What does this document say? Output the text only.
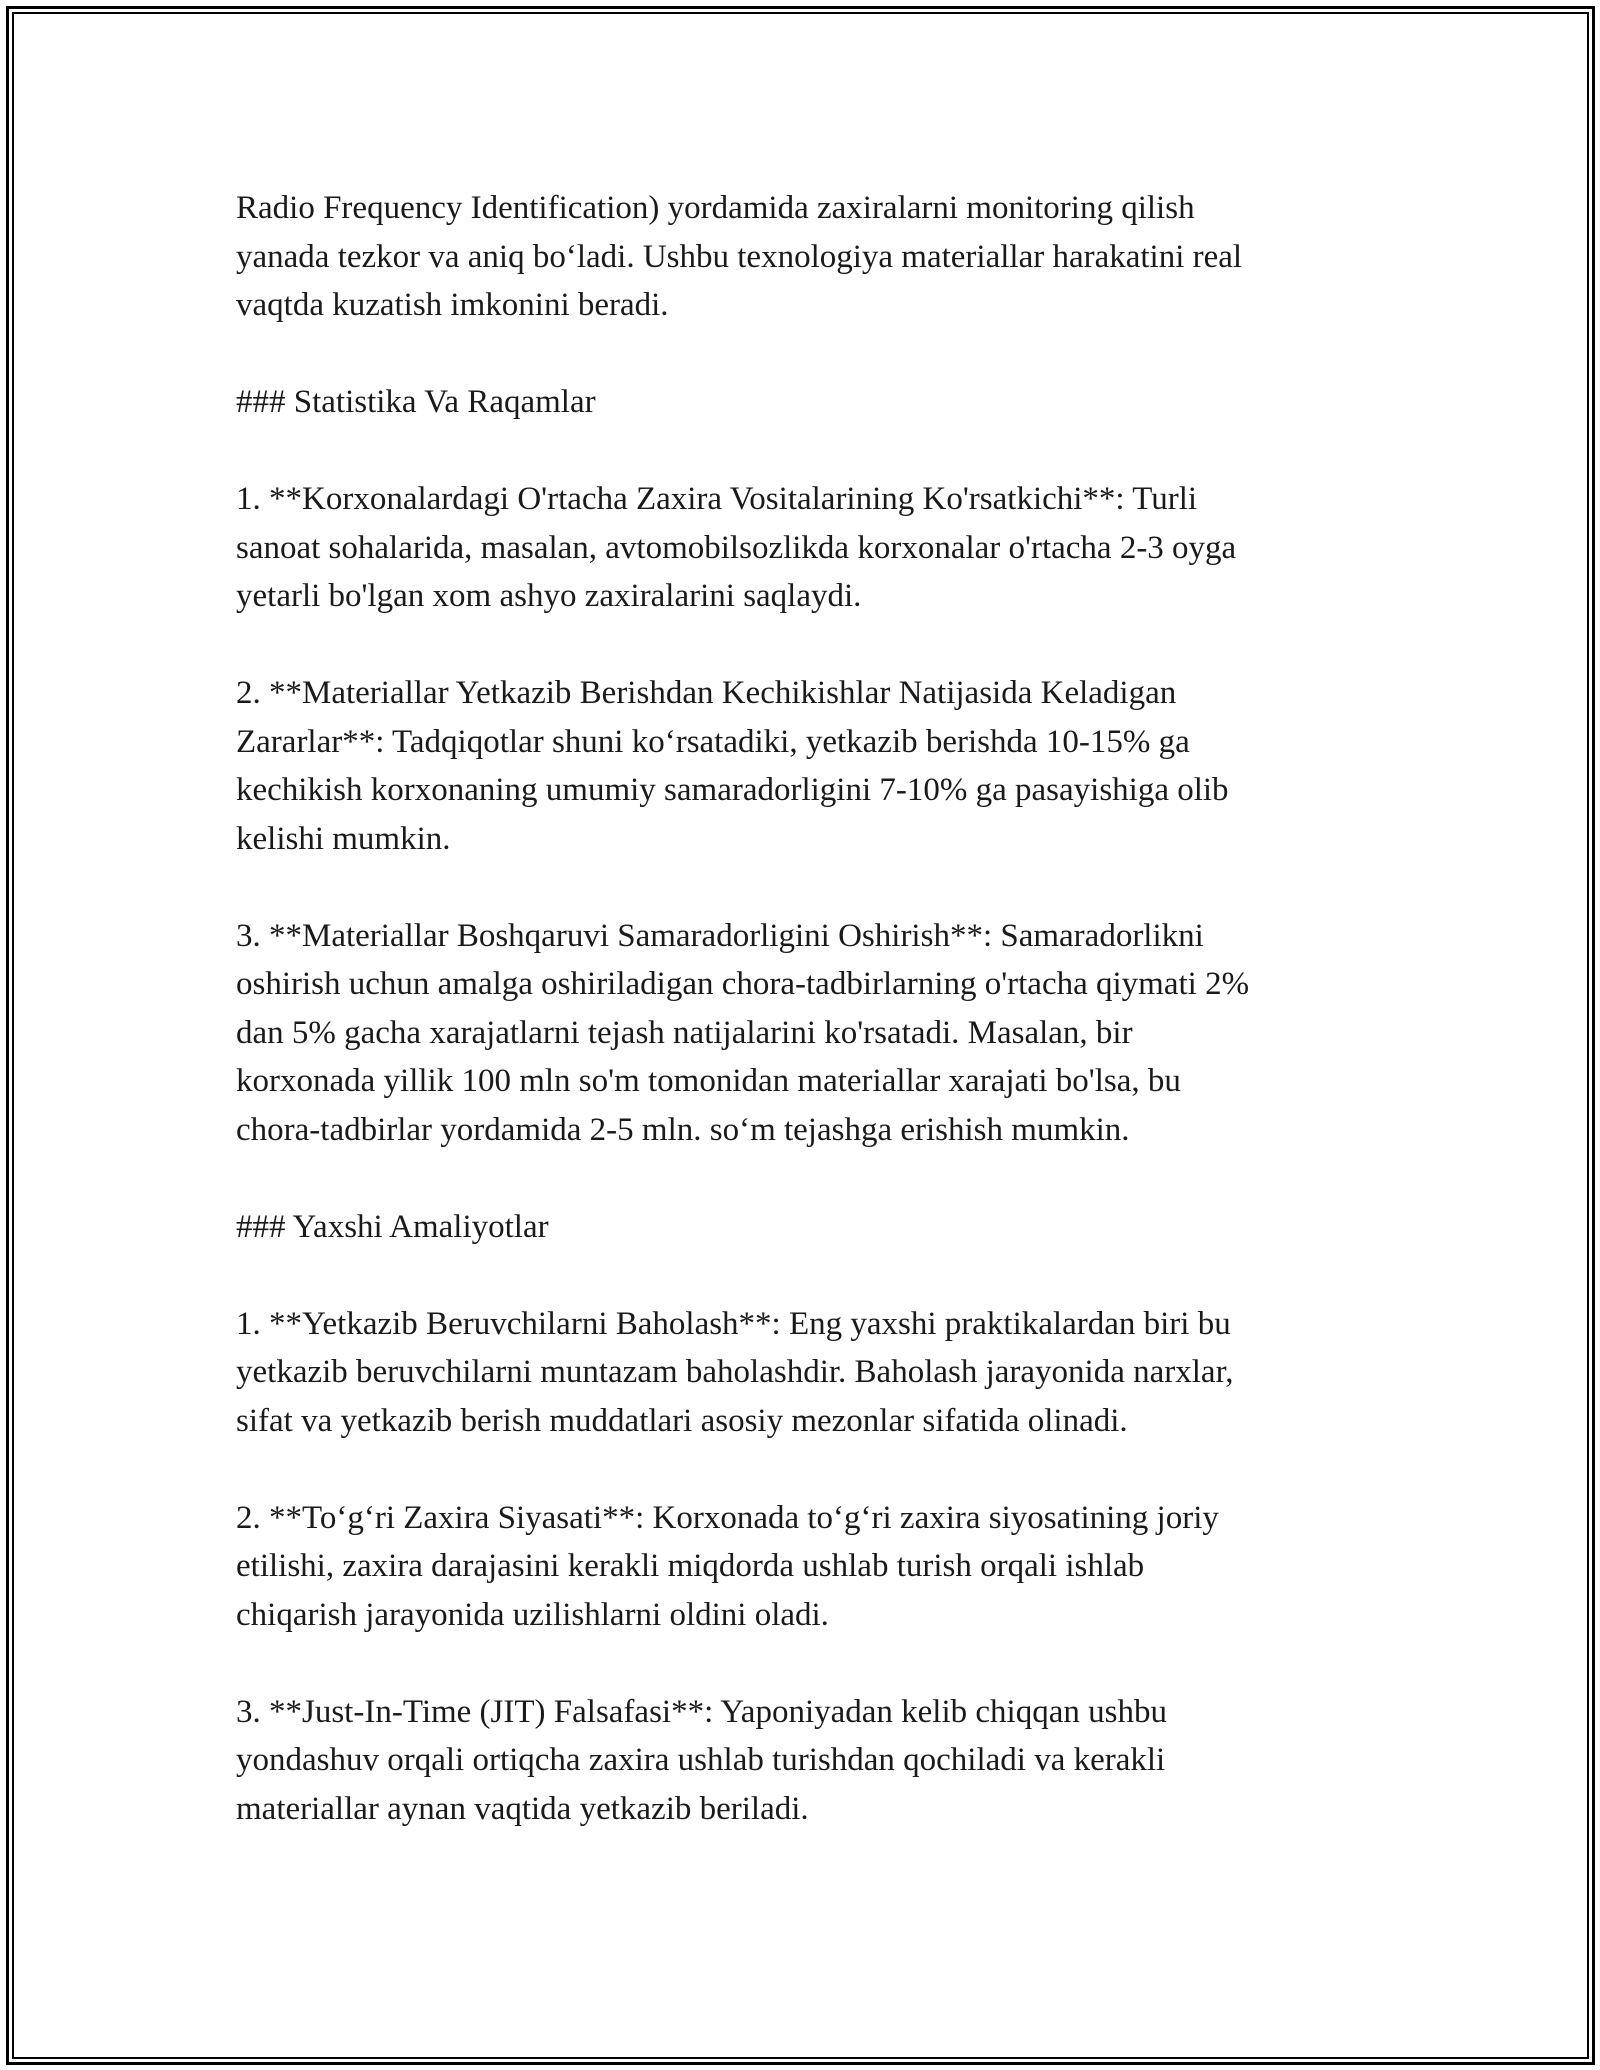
Radio Frequency Identification) yordamida zaxiralarni monitoring qilish
yanada tezkor va aniq bo‘ladi. Ushbu texnologiya materiallar harakatini real
vaqtda kuzatish imkonini beradi.

### Statistika Va Raqamlar

1. **Korxonalardagi O'rtacha Zaxira Vositalarining Ko'rsatkichi**: Turli
sanoat sohalarida, masalan, avtomobilsozlikda korxonalar o'rtacha 2-3 oyga
yetarli bo'lgan xom ashyo zaxiralarini saqlaydi.

2. **Materiallar Yetkazib Berishdan Kechikishlar Natijasida Keladigan
Zararlar**: Tadqiqotlar shuni ko‘rsatadiki, yetkazib berishda 10-15% ga
kechikish korxonaning umumiy samaradorligini 7-10% ga pasayishiga olib
kelishi mumkin.

3. **Materiallar Boshqaruvi Samaradorligini Oshirish**: Samaradorlikni
oshirish uchun amalga oshiriladigan chora-tadbirlarning o'rtacha qiymati 2%
dan 5% gacha xarajatlarni tejash natijalarini ko'rsatadi. Masalan, bir
korxonada yillik 100 mln so'm tomonidan materiallar xarajati bo'lsa, bu
chora-tadbirlar yordamida 2-5 mln. so‘m tejashga erishish mumkin.

### Yaxshi Amaliyotlar

1. **Yetkazib Beruvchilarni Baholash**: Eng yaxshi praktikalardan biri bu
yetkazib beruvchilarni muntazam baholashdir. Baholash jarayonida narxlar,
sifat va yetkazib berish muddatlari asosiy mezonlar sifatida olinadi.

2. **To‘g‘ri Zaxira Siyasati**: Korxonada to‘g‘ri zaxira siyosatining joriy
etilishi, zaxira darajasini kerakli miqdorda ushlab turish orqali ishlab
chiqarish jarayonida uzilishlarni oldini oladi.

3. **Just-In-Time (JIT) Falsafasi**: Yaponiyadan kelib chiqqan ushbu
yondashuv orqali ortiqcha zaxira ushlab turishdan qochiladi va kerakli
materiallar aynan vaqtida yetkazib beriladi.
